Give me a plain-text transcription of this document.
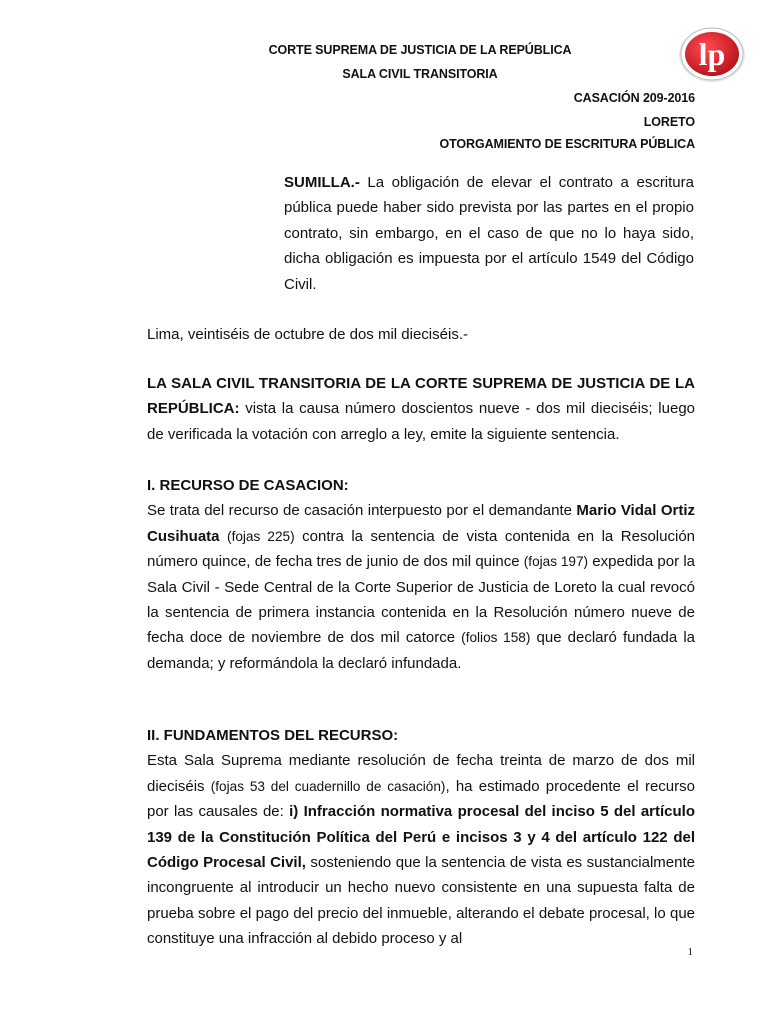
CORTE SUPREMA DE JUSTICIA DE LA REPÚBLICA
SALA CIVIL TRANSITORIA
CASACIÓN 209-2016
LORETO
OTORGAMIENTO DE ESCRITURA PÚBLICA
lp
SUMILLA.- La obligación de elevar el contrato a escritura pública puede haber sido prevista por las partes en el propio contrato, sin embargo, en el caso de que no lo haya sido, dicha obligación es impuesta por el artículo 1549 del Código Civil.
Lima, veintiséis de octubre de dos mil dieciséis.-
LA SALA CIVIL TRANSITORIA DE LA CORTE SUPREMA DE JUSTICIA DE LA REPÚBLICA: vista la causa número doscientos nueve - dos mil dieciséis; luego de verificada la votación con arreglo a ley, emite la siguiente sentencia.
I. RECURSO DE CASACION:
Se trata del recurso de casación interpuesto por el demandante Mario Vidal Ortiz Cusihuata (fojas 225) contra la sentencia de vista contenida en la Resolución número quince, de fecha tres de junio de dos mil quince (fojas 197) expedida por la Sala Civil - Sede Central de la Corte Superior de Justicia de Loreto la cual revocó la sentencia de primera instancia contenida en la Resolución número nueve de fecha doce de noviembre de dos mil catorce (folios 158) que declaró fundada la demanda; y reformándola la declaró infundada.
II. FUNDAMENTOS DEL RECURSO:
Esta Sala Suprema mediante resolución de fecha treinta de marzo de dos mil dieciséis (fojas 53 del cuadernillo de casación), ha estimado procedente el recurso por las causales de: i) Infracción normativa procesal del inciso 5 del artículo 139 de la Constitución Política del Perú e incisos 3 y 4 del artículo 122 del Código Procesal Civil, sosteniendo que la sentencia de vista es sustancialmente incongruente al introducir un hecho nuevo consistente en una supuesta falta de prueba sobre el pago del precio del inmueble, alterando el debate procesal, lo que constituye una infracción al debido proceso y al
1
